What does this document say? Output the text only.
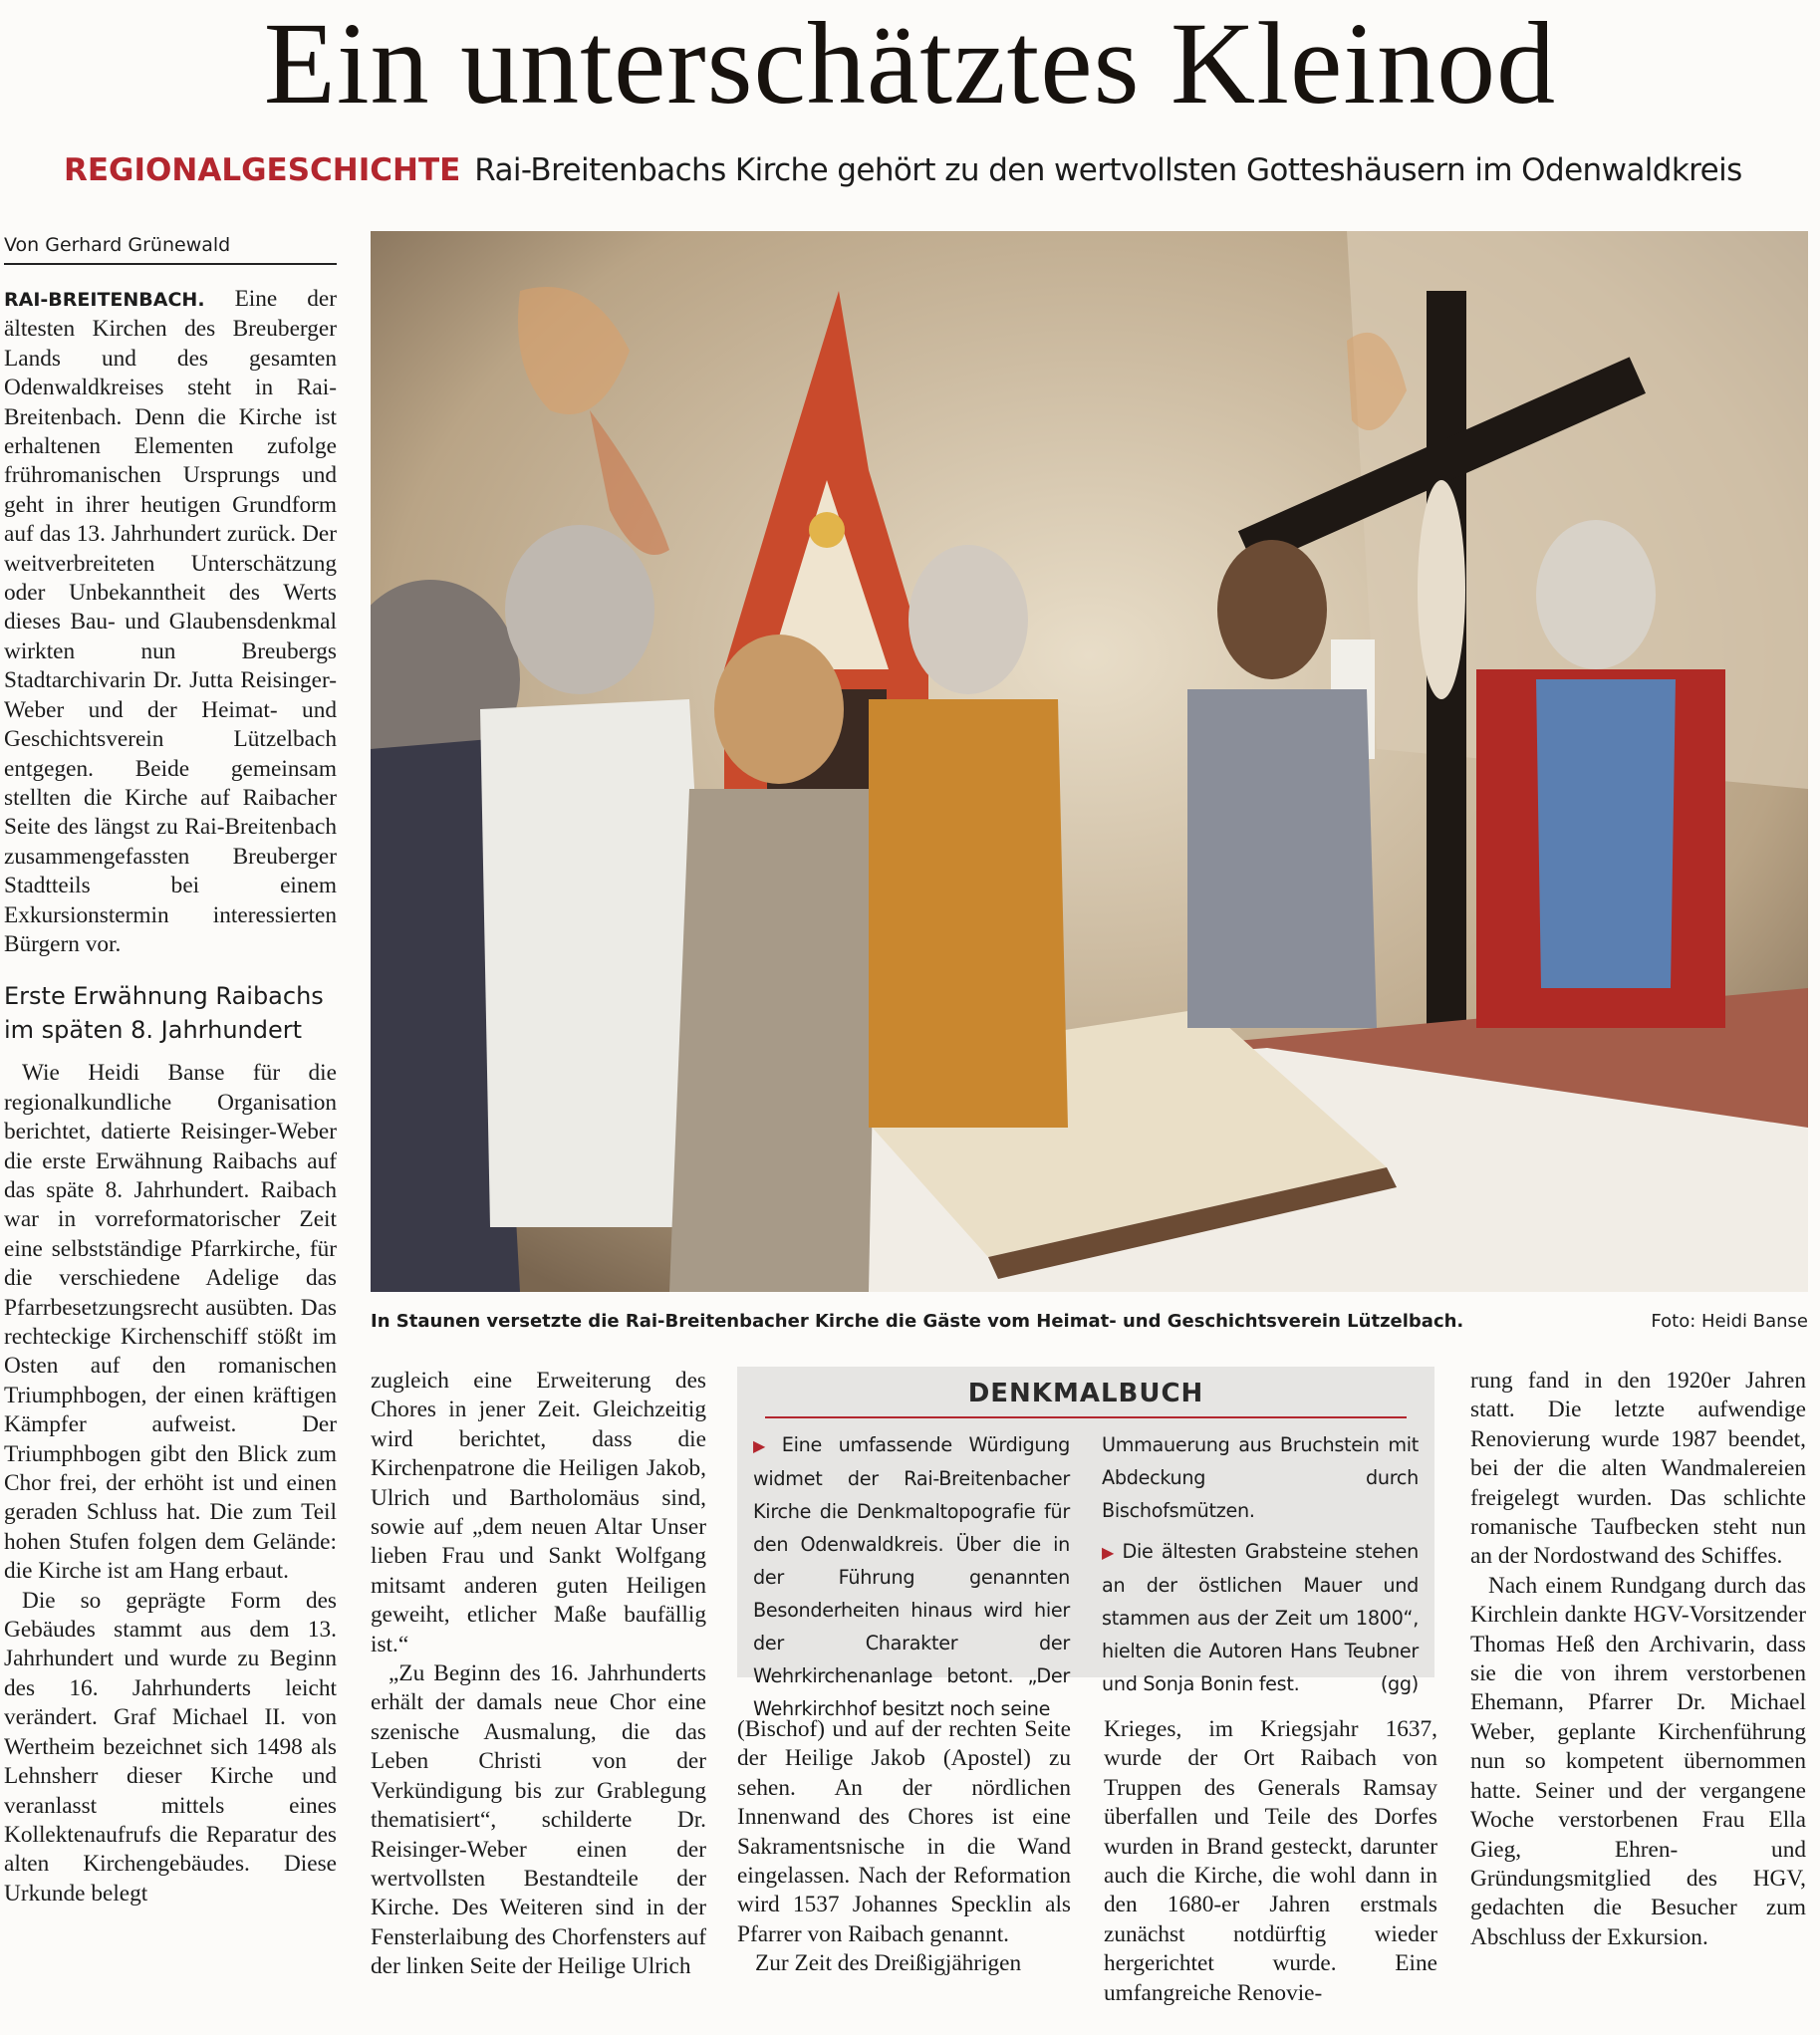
Ein unterschätztes Kleinod
REGIONALGESCHICHTE Rai-Breitenbachs Kirche gehört zu den wertvollsten Gotteshäusern im Odenwaldkreis
Von Gerhard Grünewald

RAI-BREITENBACH. Eine der ältesten Kirchen des Breuberger Lands und des gesamten Odenwaldkreises steht in Rai-Breitenbach. Denn die Kirche ist erhaltenen Elementen zufolge frühromanischen Ursprungs und geht in ihrer heutigen Grundform auf das 13. Jahrhundert zurück. Der weitverbreiteten Unterschätzung oder Unbekanntheit des Werts dieses Bau- und Glaubensdenkmal wirkten nun Breubergs Stadtarchivarin Dr. Jutta Reisinger-Weber und der Heimat- und Geschichtsverein Lützelbach entgegen. Beide gemeinsam stellten die Kirche auf Raibacher Seite des längst zu Rai-Breitenbach zusammengefassten Breuberger Stadtteils bei einem Exkursionstermin interessierten Bürgern vor.

Erste Erwähnung Raibachs im späten 8. Jahrhundert

Wie Heidi Banse für die regionalkundliche Organisation berichtet, datierte Reisinger-Weber die erste Erwähnung Raibachs auf das späte 8. Jahrhundert. Raibach war in vorreformatorischer Zeit eine selbstständige Pfarrkirche, für die verschiedene Adelige das Pfarrbesetzungsrecht ausübten. Das rechteckige Kirchenschiff stößt im Osten auf den romanischen Triumphbogen, der einen kräftigen Kämpfer aufweist. Der Triumphbogen gibt den Blick zum Chor frei, der erhöht ist und einen geraden Schluss hat. Die zum Teil hohen Stufen folgen dem Gelände: die Kirche ist am Hang erbaut.

Die so geprägte Form des Gebäudes stammt aus dem 13. Jahrhundert und wurde zu Beginn des 16. Jahrhunderts leicht verändert. Graf Michael II. von Wertheim bezeichnet sich 1498 als Lehnsherr dieser Kirche und veranlasst mittels eines Kollektenaufrufs die Reparatur des alten Kirchengebäudes. Diese Urkunde belegt

In Staunen versetzte die Rai-Breitenbacher Kirche die Gäste vom Heimat- und Geschichtsverein Lützelbach.	Foto: Heidi Banse

zugleich eine Erweiterung des Chores in jener Zeit. Gleichzeitig wird berichtet, dass die Kirchenpatrone die Heiligen Jakob, Ulrich und Bartholomäus sind, sowie auf „dem neuen Altar Unser lieben Frau und Sankt Wolfgang mitsamt anderen guten Heiligen geweiht, etlicher Maße baufällig ist.“

„Zu Beginn des 16. Jahrhunderts erhält der damals neue Chor eine szenische Ausmalung, die das Leben Christi von der Verkündigung bis zur Grablegung thematisiert“, schilderte Dr. Reisinger-Weber einen der wertvollsten Bestandteile der Kirche. Des Weiteren sind in der Fensterlaibung des Chorfensters auf der linken Seite der Heilige Ulrich

DENKMALBUCH
▶ Eine umfassende Würdigung widmet der Rai-Breitenbacher Kirche die Denkmaltopografie für den Odenwaldkreis. Über die in der Führung genannten Besonderheiten hinaus wird hier der Charakter der Wehrkirchenanlage betont. „Der Wehrkirchhof besitzt noch seine
Ummauerung aus Bruchstein mit Abdeckung durch Bischofsmützen.
▶ Die ältesten Grabsteine stehen an der östlichen Mauer und stammen aus der Zeit um 1800“, hielten die Autoren Hans Teubner und Sonja Bonin fest.	(gg)

(Bischof) und auf der rechten Seite der Heilige Jakob (Apostel) zu sehen. An der nördlichen Innenwand des Chores ist eine Sakramentsnische in die Wand eingelassen. Nach der Reformation wird 1537 Johannes Specklin als Pfarrer von Raibach genannt.

Zur Zeit des Dreißigjährigen

Krieges, im Kriegsjahr 1637, wurde der Ort Raibach von Truppen des Generals Ramsay überfallen und Teile des Dorfes wurden in Brand gesteckt, darunter auch die Kirche, die wohl dann in den 1680-er Jahren erstmals zunächst notdürftig wieder hergerichtet wurde. Eine umfangreiche Renovie-

rung fand in den 1920er Jahren statt. Die letzte aufwendige Renovierung wurde 1987 beendet, bei der die alten Wandmalereien freigelegt wurden. Das schlichte romanische Taufbecken steht nun an der Nordostwand des Schiffes.

Nach einem Rundgang durch das Kirchlein dankte HGV-Vorsitzender Thomas Heß den Archivarin, dass sie die von ihrem verstorbenen Ehemann, Pfarrer Dr. Michael Weber, geplante Kirchenführung nun so kompetent übernommen hatte. Seiner und der vergangene Woche verstorbenen Frau Ella Gieg, Ehren- und Gründungsmitglied des HGV, gedachten die Besucher zum Abschluss der Exkursion.
